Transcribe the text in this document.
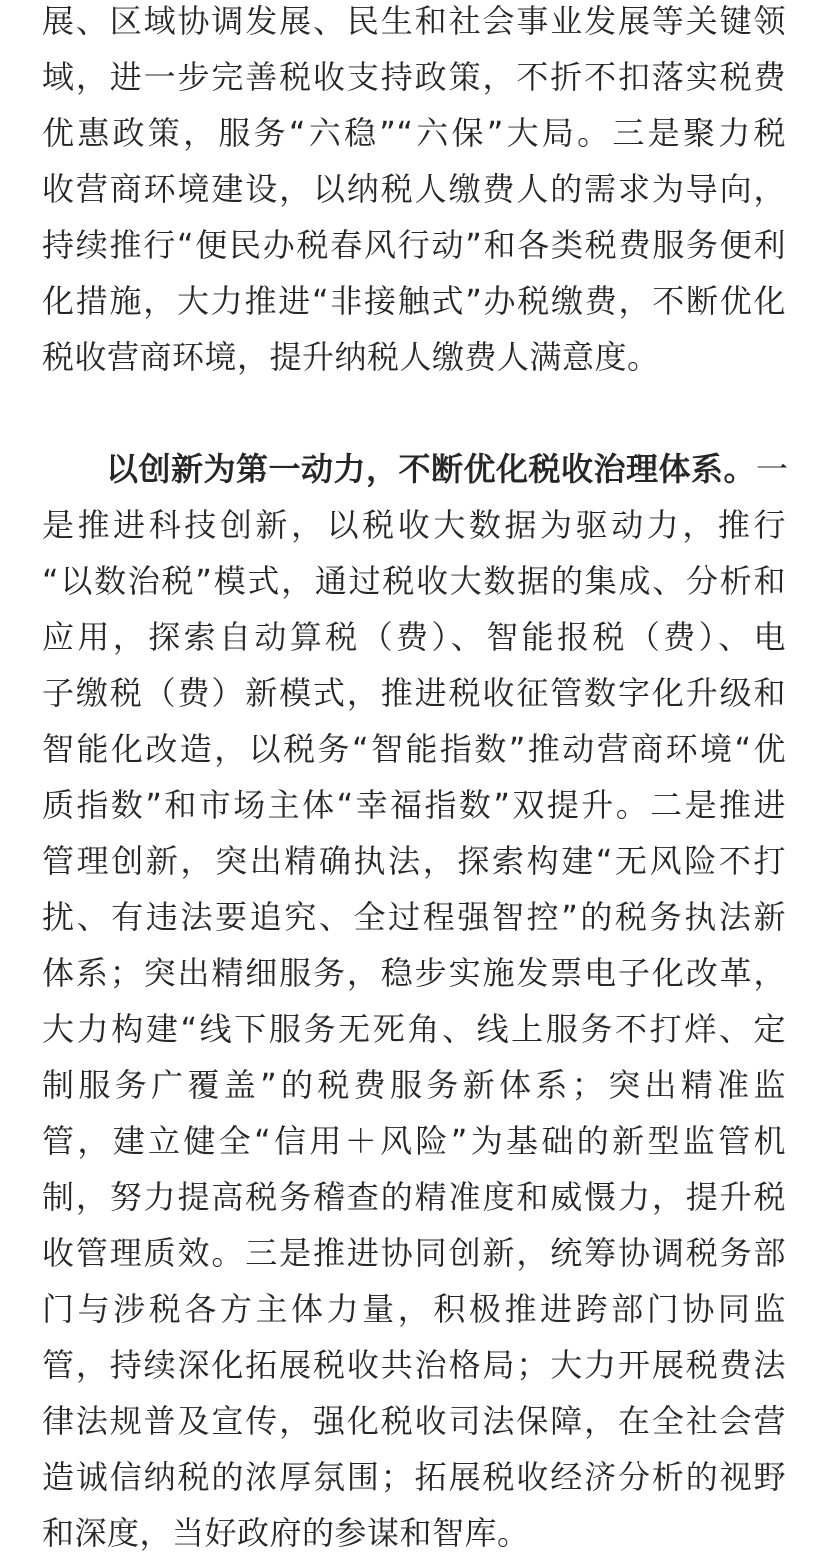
展、区域协调发展、民生和社会事业发展等关键领
域，进一步完善税收支持政策，不折不扣落实税费
优惠政策，服务“六稳”“六保”大局。三是聚力税
收营商环境建设，以纳税人缴费人的需求为导向，
持续推行“便民办税春风行动”和各类税费服务便利
化措施，大力推进“非接触式”办税缴费，不断优化
税收营商环境，提升纳税人缴费人满意度。
以创新为第一动力，不断优化税收治理体系。一
是推进科技创新，以税收大数据为驱动力，推行
“以数治税”模式，通过税收大数据的集成、分析和
应用，探索自动算税（费）、智能报税（费）、电
子缴税（费）新模式，推进税收征管数字化升级和
智能化改造，以税务“智能指数”推动营商环境“优
质指数”和市场主体“幸福指数”双提升。二是推进
管理创新，突出精确执法，探索构建“无风险不打
扰、有违法要追究、全过程强智控”的税务执法新
体系；突出精细服务，稳步实施发票电子化改革，
大力构建“线下服务无死角、线上服务不打烊、定
制服务广覆盖”的税费服务新体系；突出精准监
管，建立健全“信用＋风险”为基础的新型监管机
制，努力提高税务稽查的精准度和威慑力，提升税
收管理质效。三是推进协同创新，统筹协调税务部
门与涉税各方主体力量，积极推进跨部门协同监
管，持续深化拓展税收共治格局；大力开展税费法
律法规普及宣传，强化税收司法保障，在全社会营
造诚信纳税的浓厚氛围；拓展税收经济分析的视野
和深度，当好政府的参谋和智库。
